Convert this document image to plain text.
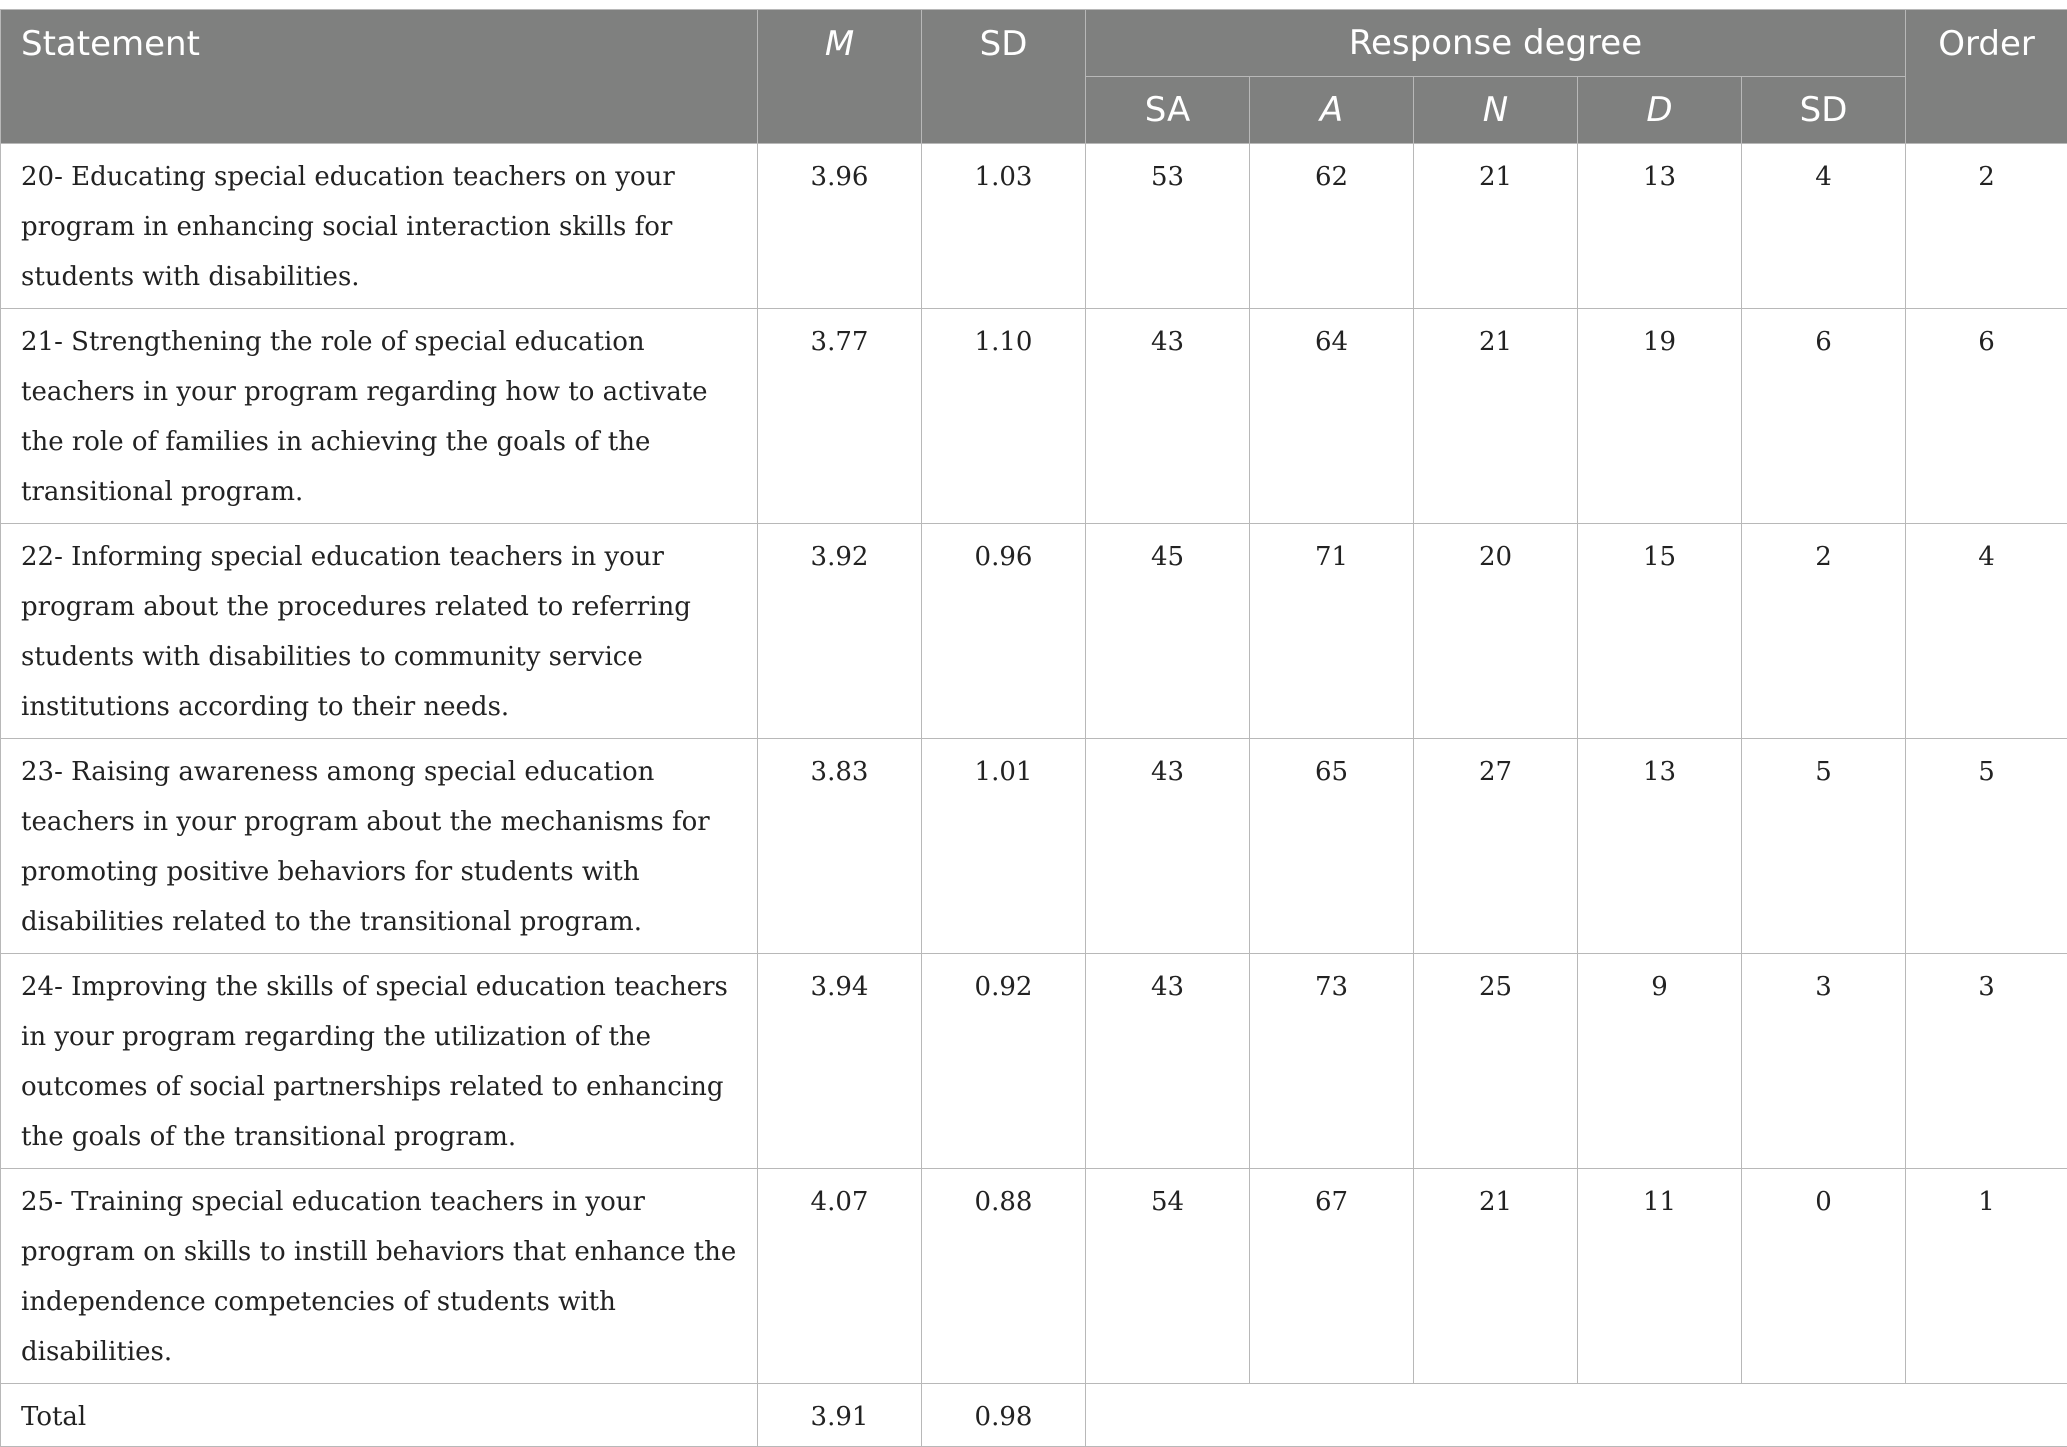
Statement	M	SD	Response degree					Order
			SA	A	N	D	SD	
20- Educating special education teachers on your program in enhancing social interaction skills for students with disabilities.	3.96	1.03	53	62	21	13	4	2
21- Strengthening the role of special education teachers in your program regarding how to activate the role of families in achieving the goals of the transitional program.	3.77	1.10	43	64	21	19	6	6
22- Informing special education teachers in your program about the procedures related to referring students with disabilities to community service institutions according to their needs.	3.92	0.96	45	71	20	15	2	4
23- Raising awareness among special education teachers in your program about the mechanisms for promoting positive behaviors for students with disabilities related to the transitional program.	3.83	1.01	43	65	27	13	5	5
24- Improving the skills of special education teachers in your program regarding the utilization of the outcomes of social partnerships related to enhancing the goals of the transitional program.	3.94	0.92	43	73	25	9	3	3
25- Training special education teachers in your program on skills to instill behaviors that enhance the independence competencies of students with disabilities.	4.07	0.88	54	67	21	11	0	1
Total	3.91	0.98						
